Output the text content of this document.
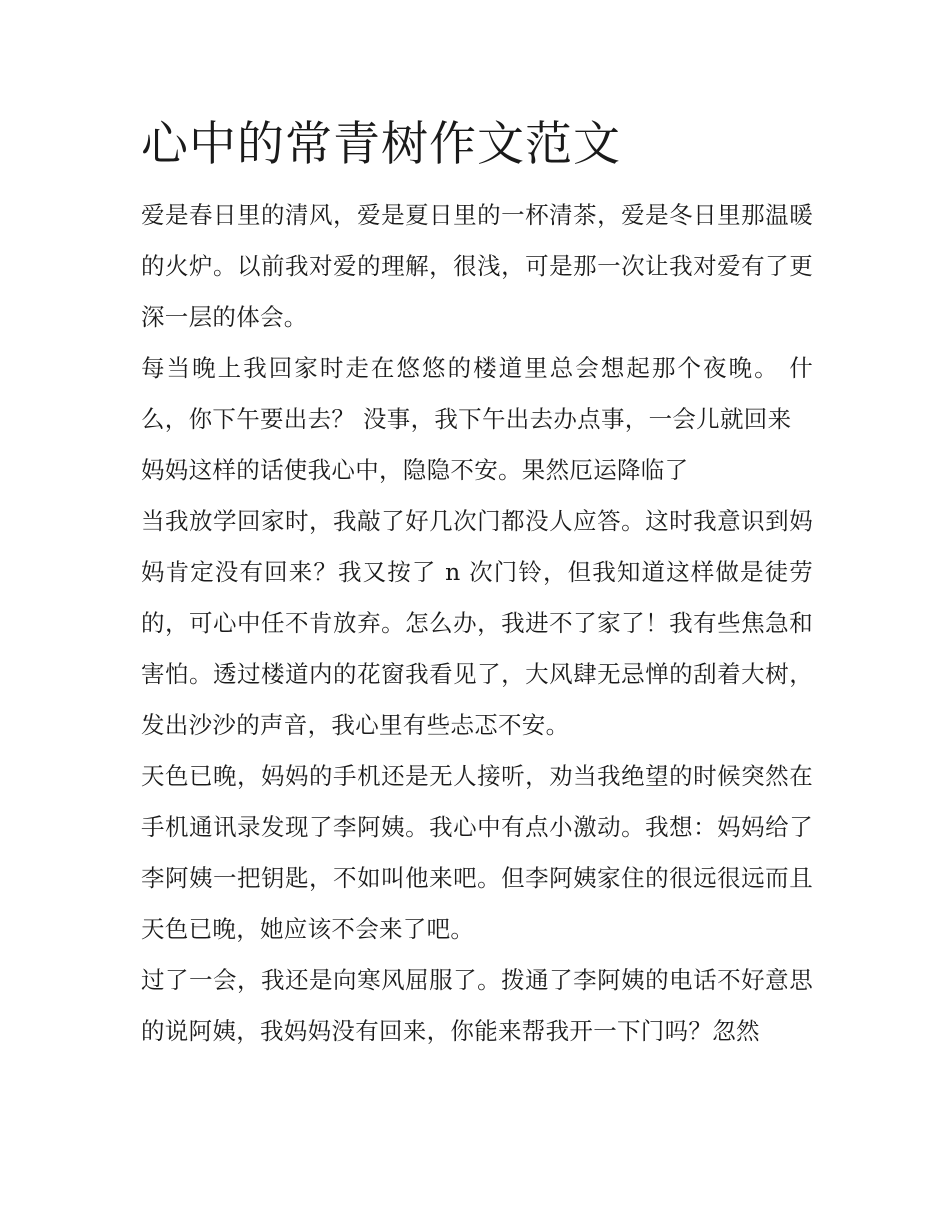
心中的常青树作文范文

爱是春日里的清风，爱是夏日里的一杯清茶，爱是冬日里那温暖的火炉。以前我对爱的理解，很浅，可是那一次让我对爱有了更深一层的体会。

每当晚上我回家时走在悠悠的楼道里总会想起那个夜晚。 什么，你下午要出去？ 没事，我下午出去办点事，一会儿就回来

妈妈这样的话使我心中，隐隐不安。果然厄运降临了

当我放学回家时，我敲了好几次门都没人应答。这时我意识到妈妈肯定没有回来？我又按了 n 次门铃，但我知道这样做是徒劳的，可心中任不肯放弃。怎么办，我进不了家了！我有些焦急和害怕。透过楼道内的花窗我看见了，大风肆无忌惮的刮着大树，发出沙沙的声音，我心里有些忐忑不安。

天色已晚，妈妈的手机还是无人接听，劝当我绝望的时候突然在手机通讯录发现了李阿姨。我心中有点小激动。我想：妈妈给了李阿姨一把钥匙，不如叫他来吧。但李阿姨家住的很远很远而且天色已晚，她应该不会来了吧。

过了一会，我还是向寒风屈服了。拨通了李阿姨的电话不好意思的说阿姨，我妈妈没有回来，你能来帮我开一下门吗？忽然
